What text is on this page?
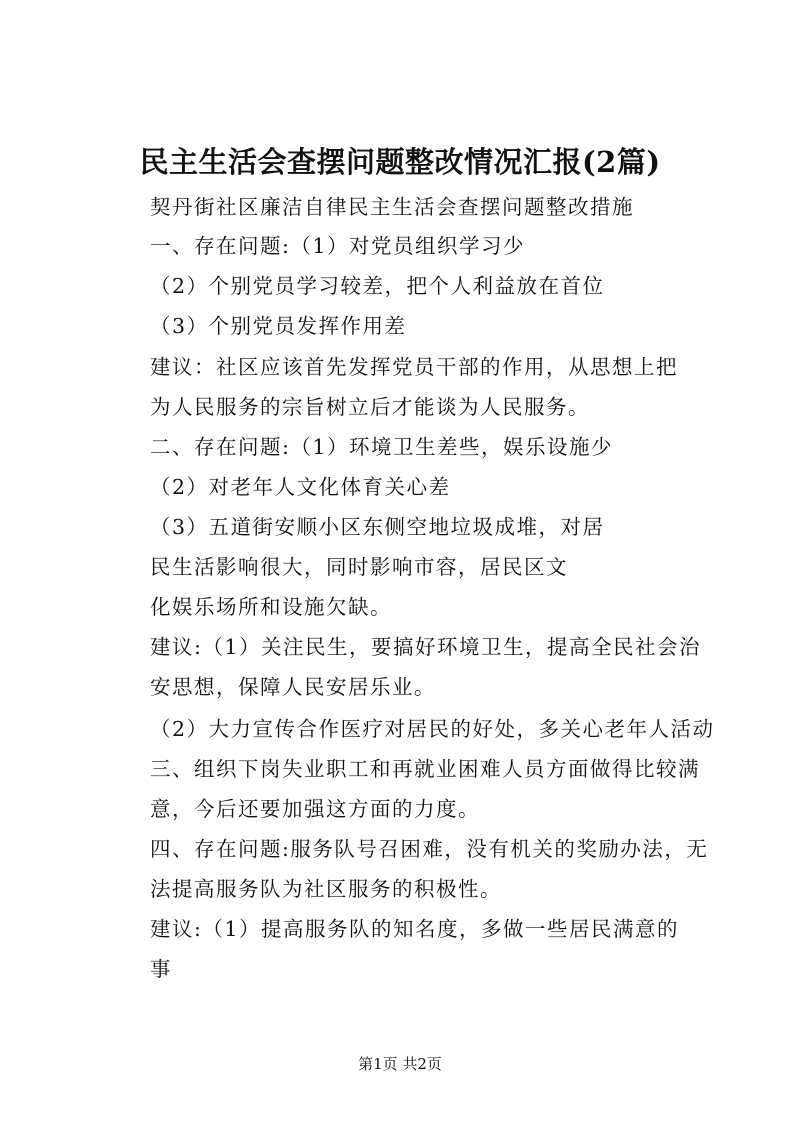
民主生活会查摆问题整改情况汇报(2篇)
契丹街社区廉洁自律民主生活会查摆问题整改措施
一、存在问题:（1）对党员组织学习少
（2）个别党员学习较差，把个人利益放在首位
（3）个别党员发挥作用差
建议：社区应该首先发挥党员干部的作用，从思想上把
为人民服务的宗旨树立后才能谈为人民服务。
二、存在问题:（1）环境卫生差些，娱乐设施少
（2）对老年人文化体育关心差
（3）五道街安顺小区东侧空地垃圾成堆，对居
民生活影响很大，同时影响市容，居民区文
化娱乐场所和设施欠缺。
建议:（1）关注民生，要搞好环境卫生，提高全民社会治
安思想，保障人民安居乐业。
（2）大力宣传合作医疗对居民的好处，多关心老年人活动
三、组织下岗失业职工和再就业困难人员方面做得比较满
意，今后还要加强这方面的力度。
四、存在问题:服务队号召困难，没有机关的奖励办法，无
法提高服务队为社区服务的积极性。
建议:（1）提高服务队的知名度，多做一些居民满意的
事
第1页 共2页
